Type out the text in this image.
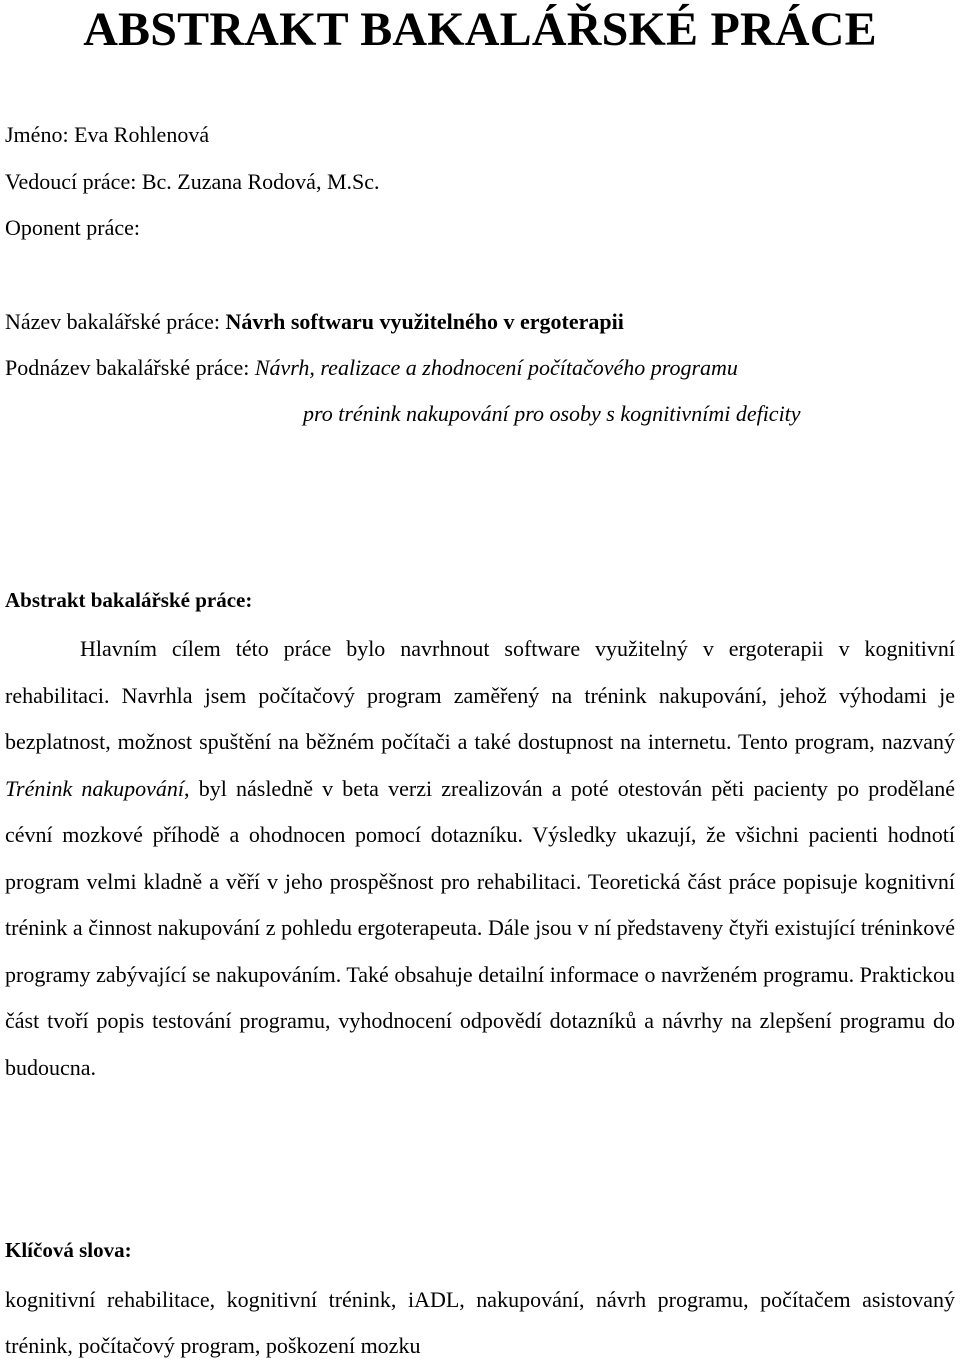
ABSTRAKT BAKALÁŘSKÉ PRÁCE

Jméno: Eva Rohlenová

Vedoucí práce: Bc. Zuzana Rodová, M.Sc.

Oponent práce:

Název bakalářské práce: Návrh softwaru využitelného v ergoterapii

Podnázev bakalářské práce: Návrh, realizace a zhodnocení počítačového programu

pro trénink nakupování pro osoby s kognitivními deficity

Abstrakt bakalářské práce:

Hlavním cílem této práce bylo navrhnout software využitelný v ergoterapii v kognitivní rehabilitaci. Navrhla jsem počítačový program zaměřený na trénink nakupování, jehož výhodami je bezplatnost, možnost spuštění na běžném počítači a také dostupnost na internetu. Tento program, nazvaný Trénink nakupování, byl následně v beta verzi zrealizován a poté otestován pěti pacienty po prodělané cévní mozkové příhodě a ohodnocen pomocí dotazníku. Výsledky ukazují, že všichni pacienti hodnotí program velmi kladně a věří v jeho prospěšnost pro rehabilitaci. Teoretická část práce popisuje kognitivní trénink a činnost nakupování z pohledu ergoterapeuta. Dále jsou v ní představeny čtyři existující tréninkové programy zabývající se nakupováním. Také obsahuje detailní informace o navrženém programu. Praktickou část tvoří popis testování programu, vyhodnocení odpovědí dotazníků a návrhy na zlepšení programu do budoucna.

Klíčová slova:

kognitivní rehabilitace, kognitivní trénink, iADL, nakupování, návrh programu, počítačem asistovaný trénink, počítačový program, poškození mozku
